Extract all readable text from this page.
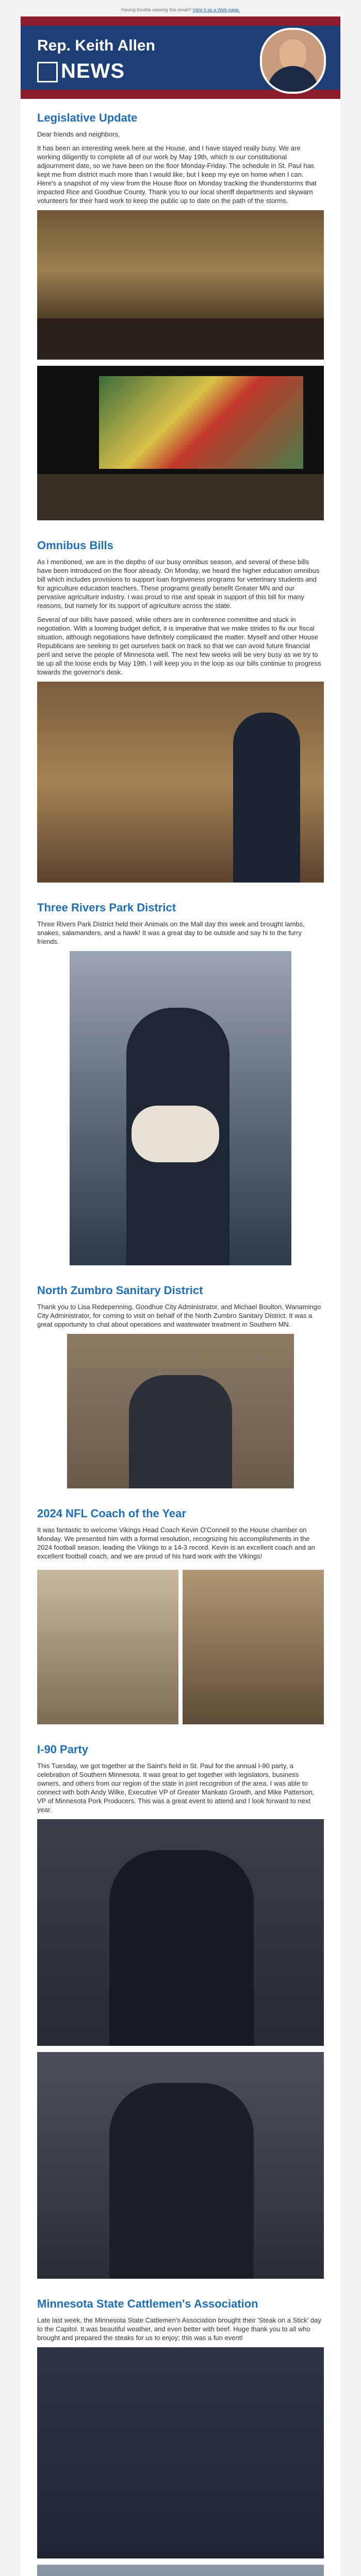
Having trouble viewing this email? View it as a Web page.
Rep. Keith Allen
NEWS
Legislative Update

Dear friends and neighbors,

It has been an interesting week here at the House, and I have stayed really busy. We are working diligently to complete all of our work by May 19th, which is our constitutional adjournment date, so we have been on the floor Monday-Friday. The schedule in St. Paul has kept me from district much more than I would like, but I keep my eye on home when I can. Here's a snapshot of my view from the House floor on Monday tracking the thunderstorms that impacted Rice and Goodhue County. Thank you to our local sheriff departments and skywarn volunteers for their hard work to keep the public up to date on the path of the storms.

Omnibus Bills

As I mentioned, we are in the depths of our busy omnibus season, and several of these bills have been introduced on the floor already. On Monday, we heard the higher education omnibus bill which includes provisions to support loan forgiveness programs for veterinary students and for agriculture education teachers. These programs greatly benefit Greater MN and our pervasive agriculture industry. I was proud to rise and speak in support of this bill for many reasons, but namely for its support of agriculture across the state.

Several of our bills have passed, while others are in conference committee and stuck in negotiation. With a looming budget deficit, it is imperative that we make strides to fix our fiscal situation, although negotiations have definitely complicated the matter. Myself and other House Republicans are seeking to get ourselves back on track so that we can avoid future financial peril and serve the people of Minnesota well. The next few weeks will be very busy as we try to tie up all the loose ends by May 19th. I will keep you in the loop as our bills continue to progress towards the governor's desk.

Three Rivers Park District

Three Rivers Park District held their Animals on the Mall day this week and brought lambs, snakes, salamanders, and a hawk! It was a great day to be outside and say hi to the furry friends.

North Zumbro Sanitary District

Thank you to Lisa Redepenning, Goodhue City Administrator, and Michael Boulton, Wanamingo City Administrator, for coming to visit on behalf of the North Zumbro Sanitary District. It was a great opportunity to chat about operations and wastewater treatment in Southern MN.

2024 NFL Coach of the Year

It was fantastic to welcome Vikings Head Coach Kevin O'Connell to the House chamber on Monday. We presented him with a formal resolution, recognizing his accomplishments in the 2024 football season, leading the Vikings to a 14-3 record. Kevin is an excellent coach and an excellent football coach, and we are proud of his hard work with the Vikings!

I-90 Party

This Tuesday, we got together at the Saint's field in St. Paul for the annual I-90 party, a celebration of Southern Minnesota. It was great to get together with legislators, business owners, and others from our region of the state in joint recognition of the area. I was able to connect with both Andy Wilke, Executive VP of Greater Mankato Growth, and Mike Patterson, VP of Minnesota Pork Producers. This was a great event to attend and I look forward to next year.

Minnesota State Cattlemen's Association

Late last week, the Minnesota State Cattlemen's Association brought their 'Steak on a Stick' day to the Capitol. It was beautiful weather, and even better with beef. Huge thank you to all who brought and prepared the steaks for us to enjoy; this was a fun event!
